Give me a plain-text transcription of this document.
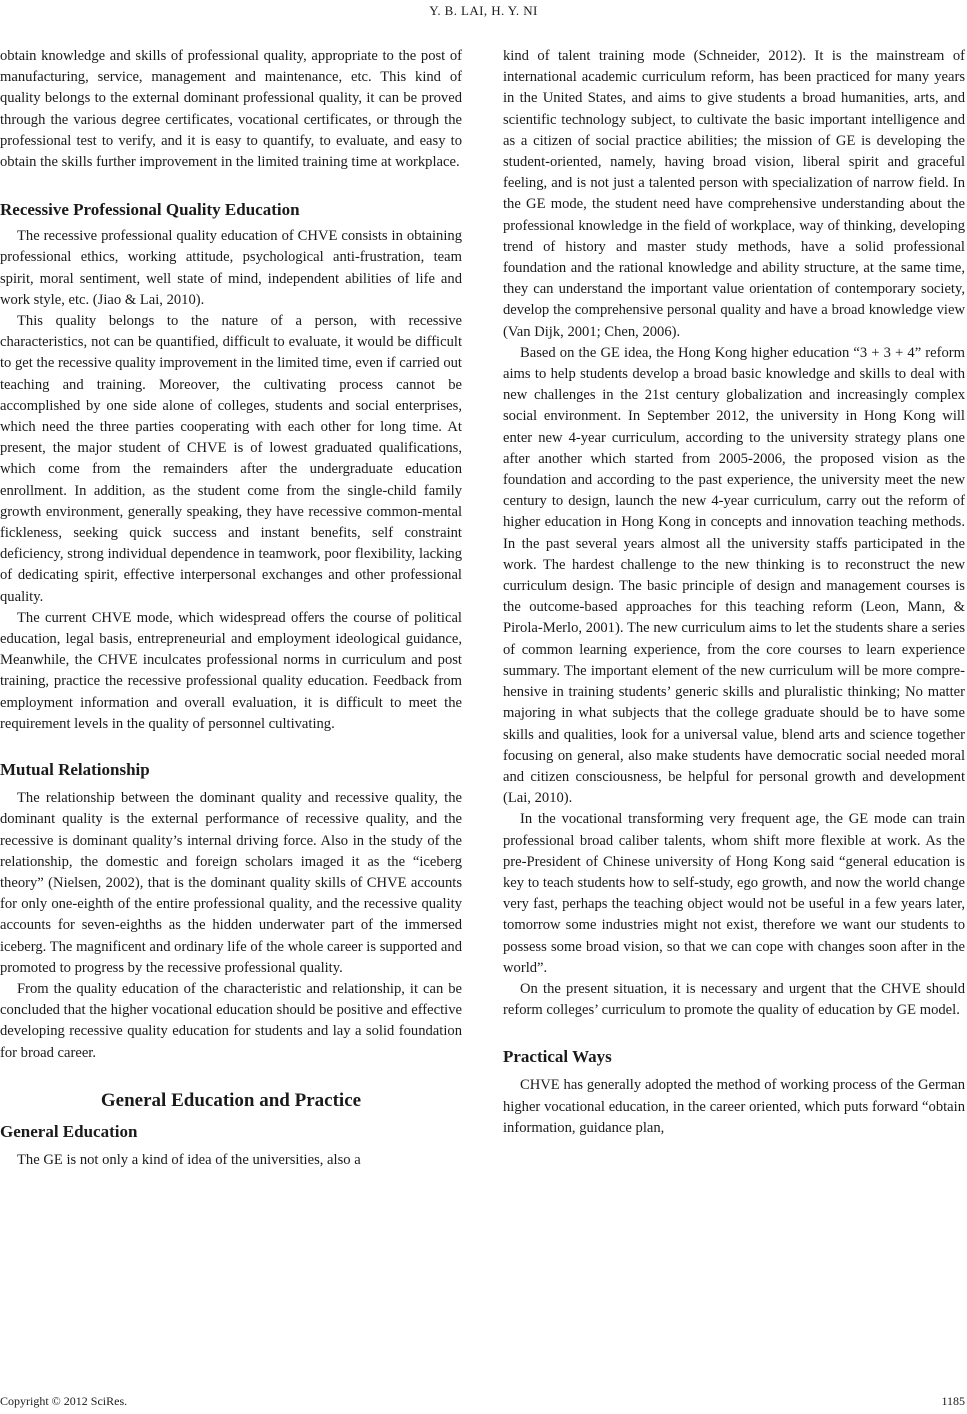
Y. B. LAI, H. Y. NI

obtain knowledge and skills of professional quality, appropriate to the post of manufacturing, service, management and maintenance, etc. This kind of quality belongs to the external dominant professional quality, it can be proved through the various degree certificates, vocational certificates, or through the professional test to verify, and it is easy to quantify, to evaluate, and easy to obtain the skills further improvement in the limited training time at workplace.

Recessive Professional Quality Education

The recessive professional quality education of CHVE consists in obtaining professional ethics, working attitude, psychological anti-frustration, team spirit, moral sentiment, well state of mind, independent abilities of life and work style, etc. (Jiao & Lai, 2010).

This quality belongs to the nature of a person, with recessive characteristics, not can be quantified, difficult to evaluate, it would be difficult to get the recessive quality improvement in the limited time, even if carried out teaching and training. Moreover, the cultivating process cannot be accomplished by one side alone of colleges, students and social enterprises, which need the three parties cooperating with each other for long time. At present, the major student of CHVE is of lowest graduated qualifications, which come from the remainders after the undergraduate education enrollment. In addition, as the student come from the single-child family growth environment, generally speaking, they have recessive common-mental fickleness, seeking quick success and instant benefits, self constraint deficiency, strong individual dependence in teamwork, poor flexibility, lacking of dedicating spirit, effective interpersonal exchanges and other professional quality.

The current CHVE mode, which widespread offers the course of political education, legal basis, entrepreneurial and employment ideological guidance, Meanwhile, the CHVE inculcates professional norms in curriculum and post training, practice the recessive professional quality education. Feedback from employment information and overall evaluation, it is difficult to meet the requirement levels in the quality of personnel cultivating.

Mutual Relationship

The relationship between the dominant quality and recessive quality, the dominant quality is the external performance of recessive quality, and the recessive is dominant quality’s internal driving force. Also in the study of the relationship, the domestic and foreign scholars imaged it as the “iceberg theory” (Nielsen, 2002), that is the dominant quality skills of CHVE accounts for only one-eighth of the entire professional quality, and the recessive quality accounts for seven-eighths as the hidden underwater part of the immersed iceberg. The magnificent and ordinary life of the whole career is supported and promoted to progress by the recessive professional quality.

From the quality education of the characteristic and relationship, it can be concluded that the higher vocational education should be positive and effective developing recessive quality education for students and lay a solid foundation for broad career.

General Education and Practice
General Education

The GE is not only a kind of idea of the universities, also a

kind of talent training mode (Schneider, 2012). It is the mainstream of international academic curriculum reform, has been practiced for many years in the United States, and aims to give students a broad humanities, arts, and scientific technology subject, to cultivate the basic important intelligence and as a citizen of social practice abilities; the mission of GE is developing the student-oriented, namely, having broad vision, liberal spirit and graceful feeling, and is not just a talented person with specialization of narrow field. In the GE mode, the student need have comprehensive understanding about the professional knowledge in the field of workplace, way of thinking, developing trend of history and master study methods, have a solid professional foundation and the rational knowledge and ability structure, at the same time, they can understand the important value orientation of contemporary society, develop the comprehensive personal quality and have a broad knowledge view (Van Dijk, 2001; Chen, 2006).

Based on the GE idea, the Hong Kong higher education “3 + 3 + 4” reform aims to help students develop a broad basic knowledge and skills to deal with new challenges in the 21st century globalization and increasingly complex social environment. In September 2012, the university in Hong Kong will enter new 4-year curriculum, according to the university strategy plans one after another which started from 2005-2006, the proposed vision as the foundation and according to the past experience, the university meet the new century to design, launch the new 4-year curriculum, carry out the reform of higher education in Hong Kong in concepts and innovation teaching methods. In the past several years almost all the university staffs participated in the work. The hardest challenge to the new thinking is to reconstruct the new curriculum design. The basic principle of design and management courses is the outcome-based approaches for this teaching reform (Leon, Mann, & Pirola-Merlo, 2001). The new curriculum aims to let the students share a series of common learning experience, from the core courses to learn experience summary. The important element of the new curriculum will be more comprehensive in training students’ generic skills and pluralistic thinking; No matter majoring in what subjects that the college graduate should be to have some skills and qualities, look for a universal value, blend arts and science together focusing on general, also make students have democratic social needed moral and citizen consciousness, be helpful for personal growth and development (Lai, 2010).

In the vocational transforming very frequent age, the GE mode can train professional broad caliber talents, whom shift more flexible at work. As the pre-President of Chinese university of Hong Kong said “general education is key to teach students how to self-study, ego growth, and now the world change very fast, perhaps the teaching object would not be useful in a few years later, tomorrow some industries might not exist, therefore we want our students to possess some broad vision, so that we can cope with changes soon after in the world”.

On the present situation, it is necessary and urgent that the CHVE should reform colleges’ curriculum to promote the quality of education by GE model.

Practical Ways

CHVE has generally adopted the method of working process of the German higher vocational education, in the career oriented, which puts forward “obtain information, guidance plan,

Copyright © 2012 SciRes.	1185
